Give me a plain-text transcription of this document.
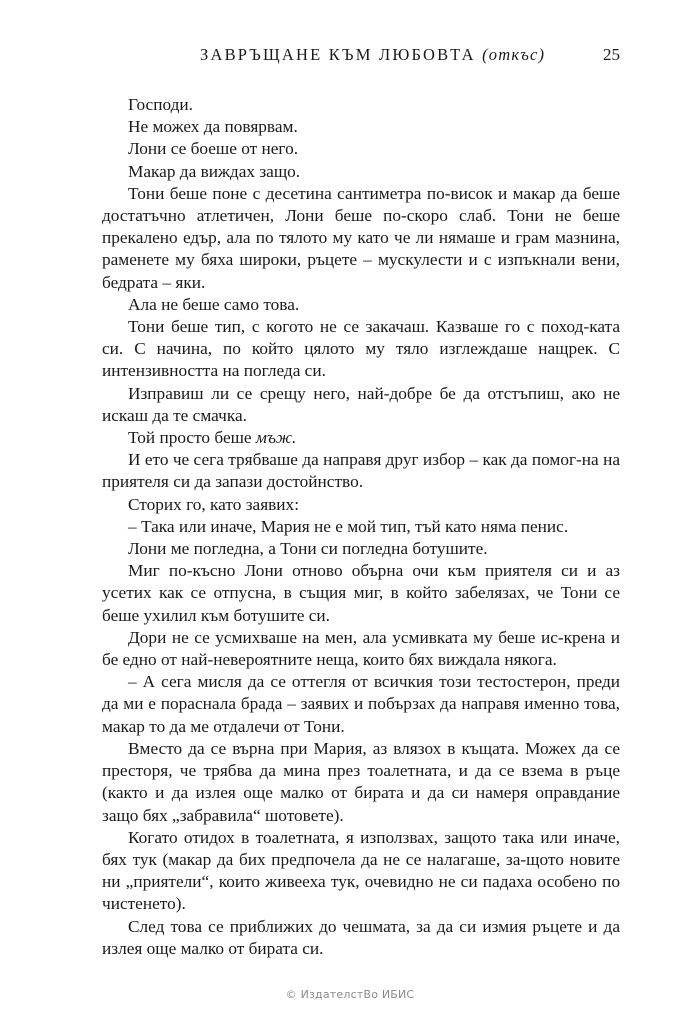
ЗАВРЪЩАНЕ КЪМ ЛЮБОВТА (откъс)	25

Господи.

Не можех да повярвам.

Лони се боеше от него.

Макар да виждах защо.

Тони беше поне с десетина сантиметра по-висок и макар да беше достатъчно атлетичен, Лони беше по-скоро слаб. Тони не беше прекалено едър, ала по тялото му като че ли нямаше и грам мазнина, раменете му бяха широки, ръцете – мускулести и с изпъкнали вени, бедрата – яки.

Ала не беше само това.

Тони беше тип, с когото не се закачаш. Казваше го с поход-ката си. С начина, по който цялото му тяло изглеждаше нащрек. С интензивността на погледа си.

Изправиш ли се срещу него, най-добре бе да отстъпиш, ако не искаш да те смачка.

Той просто беше мъж.

И ето че сега трябваше да направя друг избор – как да помог-на на приятеля си да запази достойнство.

Сторих го, като заявих:

– Така или иначе, Мария не е мой тип, тъй като няма пенис.

Лони ме погледна, а Тони си погледна ботушите.

Миг по-късно Лони отново обърна очи към приятеля си и аз усетих как се отпусна, в същия миг, в който забелязах, че Тони се беше ухилил към ботушите си.

Дори не се усмихваше на мен, ала усмивката му беше ис-крена и бе едно от най-невероятните неща, които бях виждала някога.

– А сега мисля да се оттегля от всичкия този тестостерон, преди да ми е пораснала брада – заявих и побързах да направя именно това, макар то да ме отдалечи от Тони.

Вместо да се върна при Мария, аз влязох в къщата. Можех да се престоря, че трябва да мина през тоалетната, и да се взема в ръце (както и да излея още малко от бирата и да си намеря оправдание защо бях „забравила“ шотовете).

Когато отидох в тоалетната, я използвах, защото така или иначе, бях тук (макар да бих предпочела да не се налагаше, за-щото новите ни „приятели“, които живееха тук, очевидно не си падаха особено по чистенето).

След това се приближих до чешмата, за да си измия ръцете и да излея още малко от бирата си.

© ИздателстВо ИБИС
